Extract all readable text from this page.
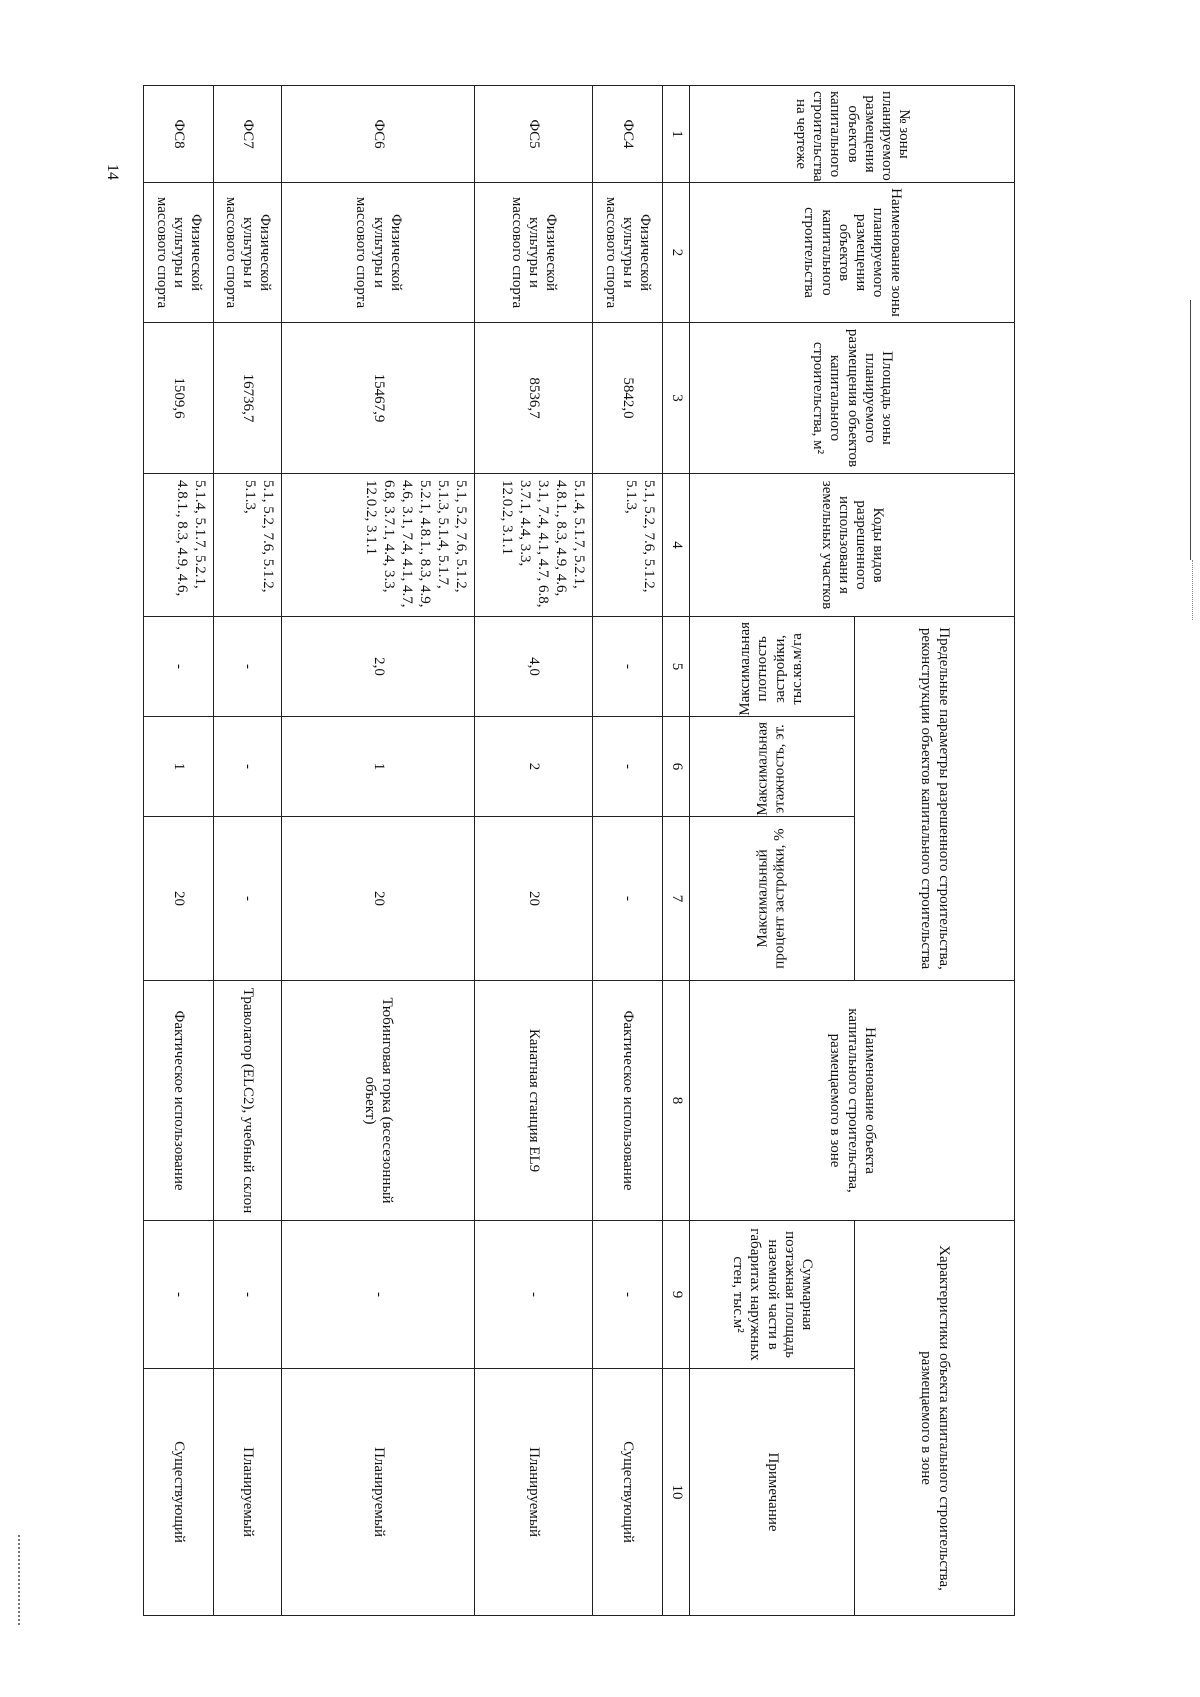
14
№ зоны планируемого размещения объектов капитального строительства на чертеже	Наименование зоны планируемого размещения объектов капитального строительства	Площадь зоны планируемого размещения объектов капитального строительства, м²	Коды видов разрешенного использовани я земельных участков	Предельные параметры разрешенного строительства, реконструкции объектов капитального строительства			Наименование объекта капитального строительства, размещаемого в зоне	Характеристики объекта капитального строительства, размещаемого в зоне	
				Максимальная плотность застройки, тыс.кв.м/га	Максимальная этажность, эт.	Максимальный процент застройки, %		Суммарная поэтажная площадь наземной части в габаритах наружных стен, тыс.м²	Примечание
1	2	3	4	5	6	7	8	9	10
ФС4	Физической культуры и массового спорта	5842,0	5.1, 5.2, 7.6, 5.1.2, 5.1.3,	-	-	-	Фактическое использование	-	Существующий
ФС5	Физической культуры и массового спорта	8536,7	5.1.4, 5.1.7, 5.2.1, 4.8.1., 8.3, 4.9, 4.6, 3.1, 7.4, 4.1, 4.7, 6.8, 3.7.1, 4.4, 3.3, 12.0.2, 3.1.1	4,0	2	20	Канатная станция EL9	-	Планируемый
ФС6	Физической культуры и массового спорта	15467,9	5.1, 5.2, 7.6, 5.1.2, 5.1.3, 5.1.4, 5.1.7, 5.2.1, 4.8.1., 8.3, 4.9, 4.6, 3.1, 7.4, 4.1, 4.7, 6.8, 3.7.1, 4.4, 3.3, 12.0.2, 3.1.1	2,0	1	20	Тюбинговая горка (всесезонный объект)	-	Планируемый
ФС7	Физической культуры и массового спорта	16736,7	5.1, 5.2, 7.6, 5.1.2, 5.1.3,	-	-	-	Траволатор (ELC2), учебный склон	-	Планируемый
ФС8	Физической культуры и массового спорта	1509,6	5.1.4, 5.1.7, 5.2.1, 4.8.1., 8.3, 4.9, 4.6,	-	1	20	Фактическое использование	-	Существующий
